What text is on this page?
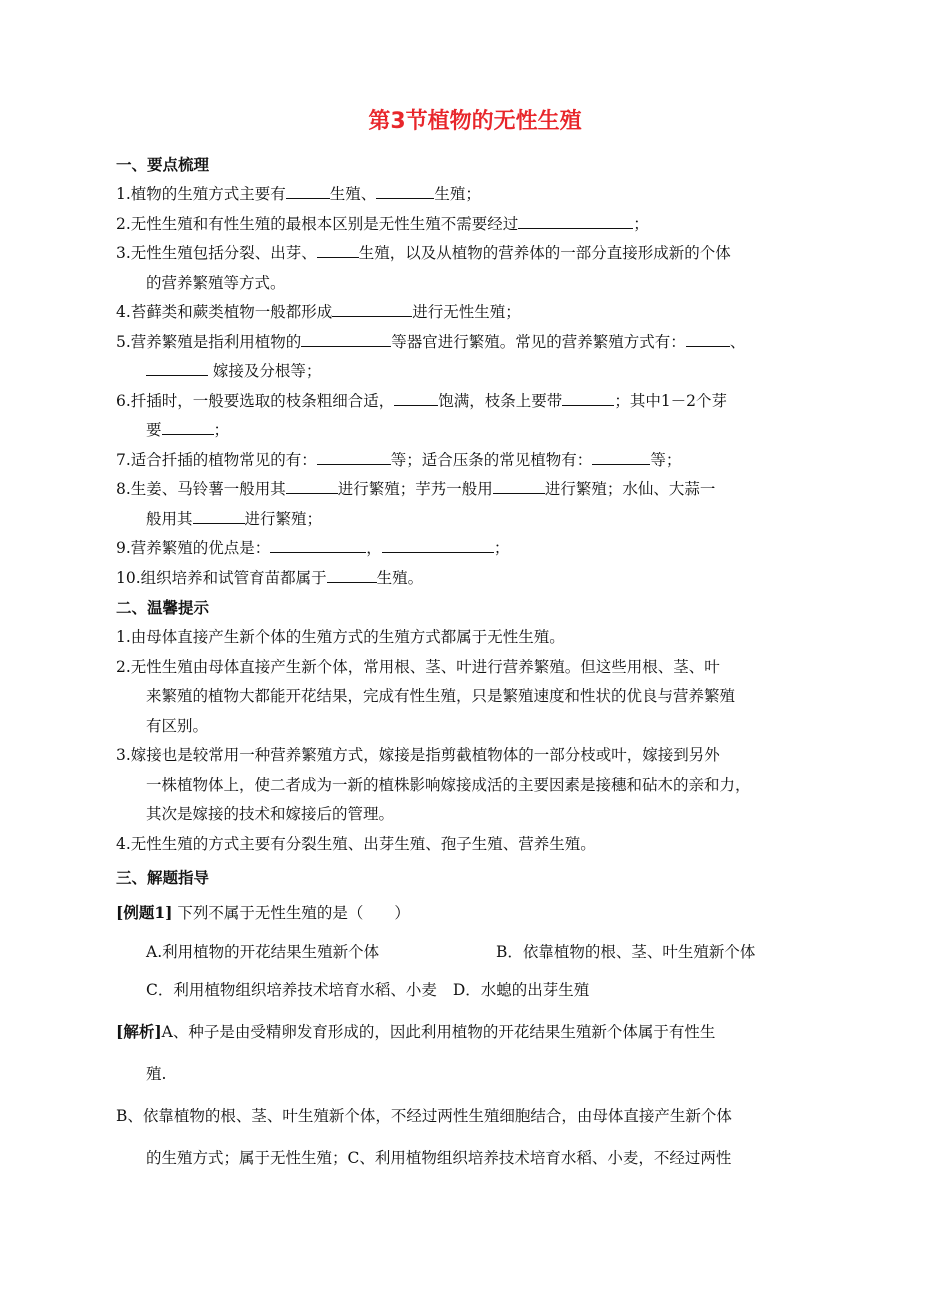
第3节植物的无性生殖
一、要点梳理
1.植物的生殖方式主要有	生殖、	生殖；
2.无性生殖和有性生殖的最根本区别是无性生殖不需要经过	；
3.无性生殖包括分裂、出芽、	生殖，以及从植物的营养体的一部分直接形成新的个体
的营养繁殖等方式。
4.苔藓类和蕨类植物一般都形成	进行无性生殖；
5.营养繁殖是指利用植物的	等器官进行繁殖。常见的营养繁殖方式有：	、
嫁接及分根等；
6.扦插时，一般要选取的枝条粗细合适，	饱满，枝条上要带	；其中1－2个芽
要	；
7.适合扦插的植物常见的有：	等；适合压条的常见植物有：	等；
8.生姜、马铃薯一般用其	进行繁殖；芋艿一般用	进行繁殖；水仙、大蒜一
般用其	进行繁殖；
9.营养繁殖的优点是：	，	；
10.组织培养和试管育苗都属于	生殖。
二、温馨提示
1.由母体直接产生新个体的生殖方式的生殖方式都属于无性生殖。
2.无性生殖由母体直接产生新个体，常用根、茎、叶进行营养繁殖。但这些用根、茎、叶
来繁殖的植物大都能开花结果，完成有性生殖，只是繁殖速度和性状的优良与营养繁殖
有区别。
3.嫁接也是较常用一种营养繁殖方式，嫁接是指剪截植物体的一部分枝或叶，嫁接到另外
一株植物体上，使二者成为一新的植株影响嫁接成活的主要因素是接穗和砧木的亲和力，
其次是嫁接的技术和嫁接后的管理。
4.无性生殖的方式主要有分裂生殖、出芽生殖、孢子生殖、营养生殖。
三、解题指导
[例题1] 下列不属于无性生殖的是（　　）
A.利用植物的开花结果生殖新个体	B．依靠植物的根、茎、叶生殖新个体
C．利用植物组织培养技术培育水稻、小麦 D．水螅的出芽生殖
[解析]A、种子是由受精卵发育形成的，因此利用植物的开花结果生殖新个体属于有性生
殖.
B、依靠植物的根、茎、叶生殖新个体，不经过两性生殖细胞结合，由母体直接产生新个体
的生殖方式；属于无性生殖；C、利用植物组织培养技术培育水稻、小麦，不经过两性
